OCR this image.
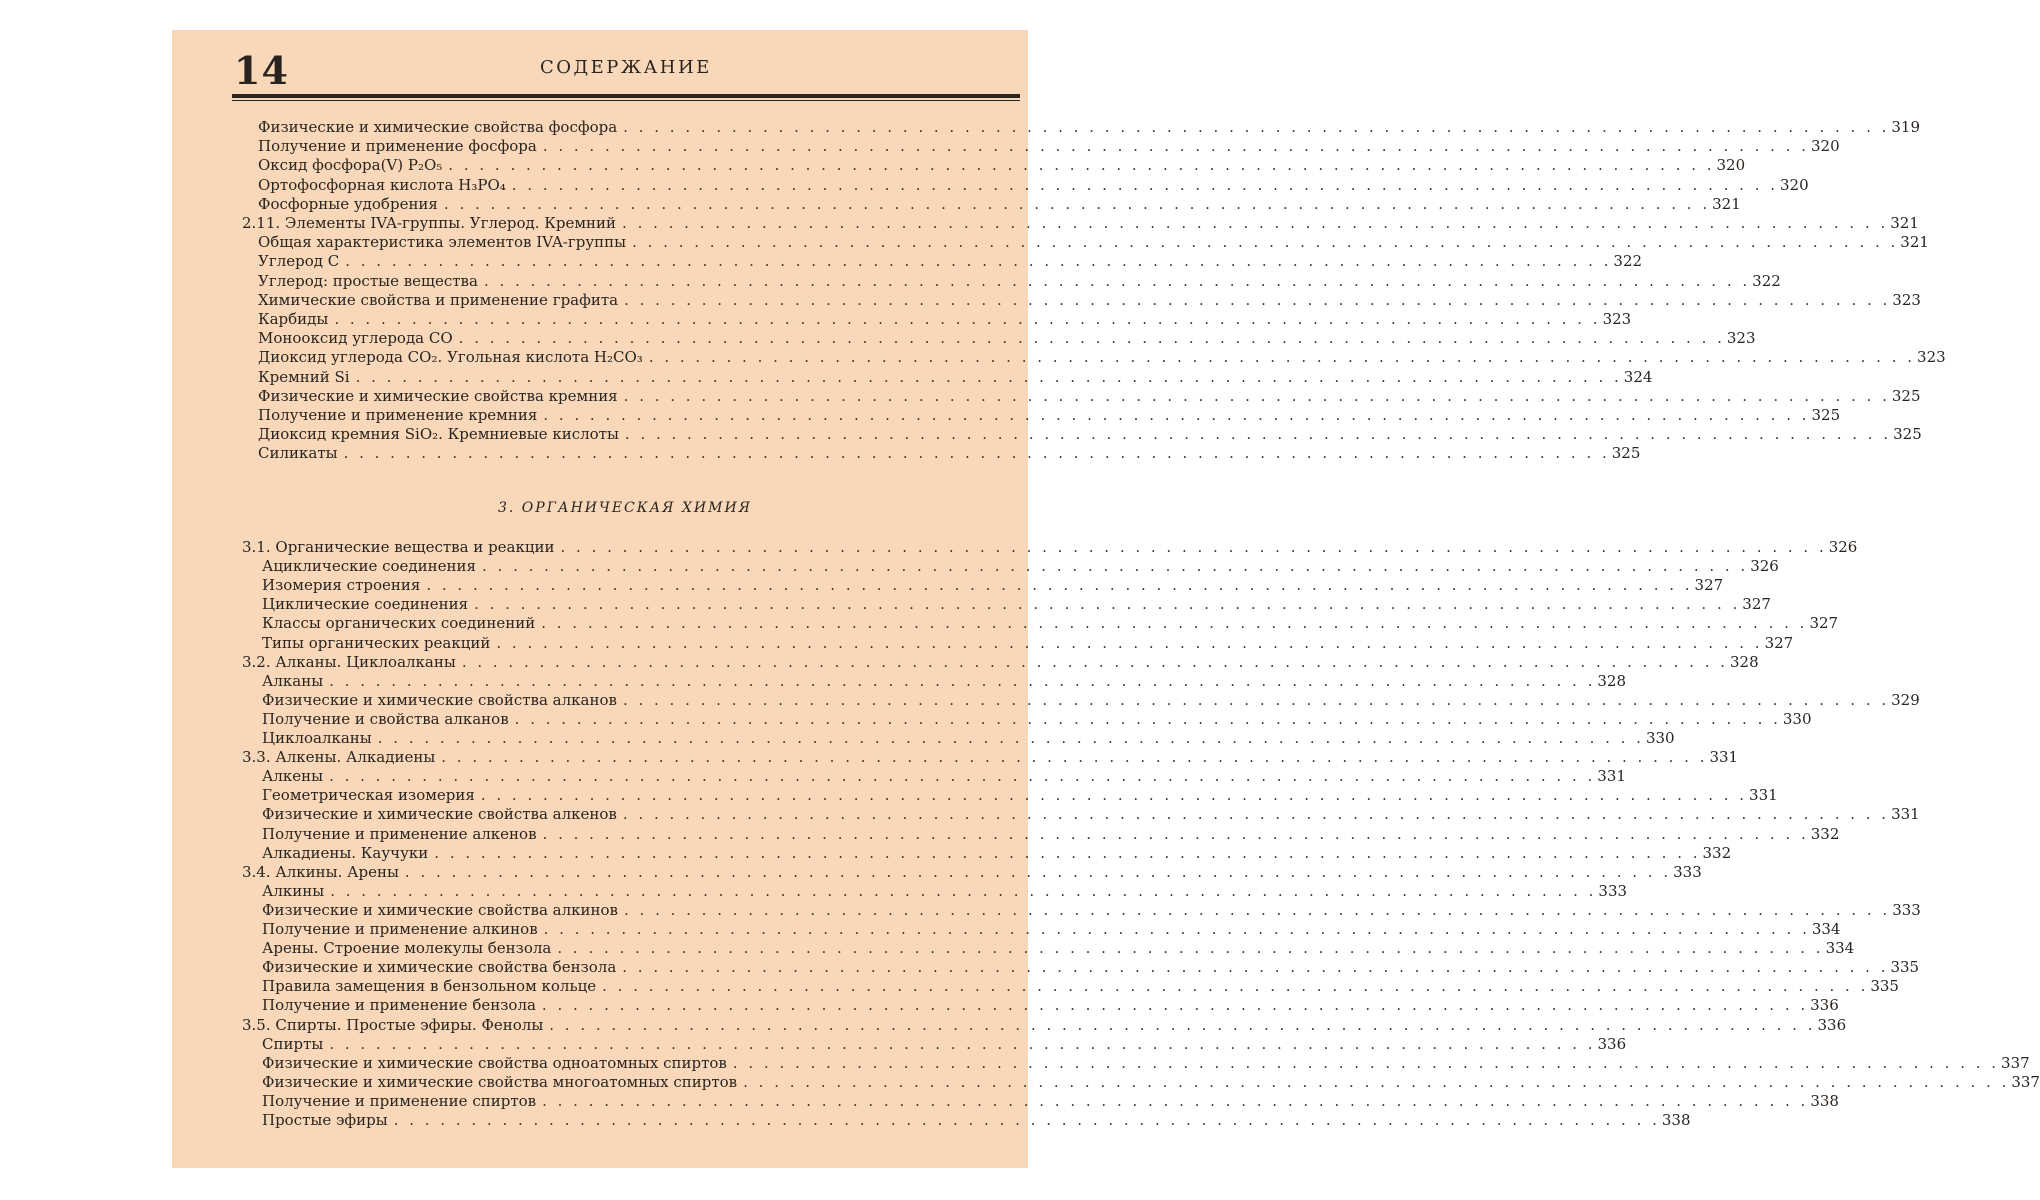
14	СОДЕРЖАНИЕ
3. ОРГАНИЧЕСКАЯ ХИМИЯ
Физические и химические свойства фосфора . . . . . . . . . . . . . . . . . . . . . . . . . . . . . . . . . . . . . . . . . . . . . . . . . . . . . . . . . . . . . . . . . . . . . . . . . . . . . . . . . . 319
Получение и применение фосфора . . . . . . . . . . . . . . . . . . . . . . . . . . . . . . . . . . . . . . . . . . . . . . . . . . . . . . . . . . . . . . . . . . . . . . . . . . . . . . . . . . 320
Оксид фосфора(V) P₂O₅ . . . . . . . . . . . . . . . . . . . . . . . . . . . . . . . . . . . . . . . . . . . . . . . . . . . . . . . . . . . . . . . . . . . . . . . . . . . . . . . . . . 320
Ортофосфорная кислота H₃PO₄ . . . . . . . . . . . . . . . . . . . . . . . . . . . . . . . . . . . . . . . . . . . . . . . . . . . . . . . . . . . . . . . . . . . . . . . . . . . . . . . . . . 320
Фосфорные удобрения . . . . . . . . . . . . . . . . . . . . . . . . . . . . . . . . . . . . . . . . . . . . . . . . . . . . . . . . . . . . . . . . . . . . . . . . . . . . . . . . . . 321
2.11. Элементы IVA-группы. Углерод. Кремний . . . . . . . . . . . . . . . . . . . . . . . . . . . . . . . . . . . . . . . . . . . . . . . . . . . . . . . . . . . . . . . . . . . . . . . . . . . . . . . . . . 321
Общая характеристика элементов IVA-группы . . . . . . . . . . . . . . . . . . . . . . . . . . . . . . . . . . . . . . . . . . . . . . . . . . . . . . . . . . . . . . . . . . . . . . . . . . . . . . . . . . 321
Углерод C . . . . . . . . . . . . . . . . . . . . . . . . . . . . . . . . . . . . . . . . . . . . . . . . . . . . . . . . . . . . . . . . . . . . . . . . . . . . . . . . . . 322
Углерод: простые вещества . . . . . . . . . . . . . . . . . . . . . . . . . . . . . . . . . . . . . . . . . . . . . . . . . . . . . . . . . . . . . . . . . . . . . . . . . . . . . . . . . . 322
Химические свойства и применение графита . . . . . . . . . . . . . . . . . . . . . . . . . . . . . . . . . . . . . . . . . . . . . . . . . . . . . . . . . . . . . . . . . . . . . . . . . . . . . . . . . . 323
Карбиды . . . . . . . . . . . . . . . . . . . . . . . . . . . . . . . . . . . . . . . . . . . . . . . . . . . . . . . . . . . . . . . . . . . . . . . . . . . . . . . . . . 323
Монооксид углерода CO . . . . . . . . . . . . . . . . . . . . . . . . . . . . . . . . . . . . . . . . . . . . . . . . . . . . . . . . . . . . . . . . . . . . . . . . . . . . . . . . . . 323
Диоксид углерода CO₂. Угольная кислота H₂CO₃ . . . . . . . . . . . . . . . . . . . . . . . . . . . . . . . . . . . . . . . . . . . . . . . . . . . . . . . . . . . . . . . . . . . . . . . . . . . . . . . . . . 323
Кремний Si . . . . . . . . . . . . . . . . . . . . . . . . . . . . . . . . . . . . . . . . . . . . . . . . . . . . . . . . . . . . . . . . . . . . . . . . . . . . . . . . . . 324
Физические и химические свойства кремния . . . . . . . . . . . . . . . . . . . . . . . . . . . . . . . . . . . . . . . . . . . . . . . . . . . . . . . . . . . . . . . . . . . . . . . . . . . . . . . . . . 325
Получение и применение кремния . . . . . . . . . . . . . . . . . . . . . . . . . . . . . . . . . . . . . . . . . . . . . . . . . . . . . . . . . . . . . . . . . . . . . . . . . . . . . . . . . . 325
Диоксид кремния SiO₂. Кремниевые кислоты . . . . . . . . . . . . . . . . . . . . . . . . . . . . . . . . . . . . . . . . . . . . . . . . . . . . . . . . . . . . . . . . . . . . . . . . . . . . . . . . . . 325
Силикаты . . . . . . . . . . . . . . . . . . . . . . . . . . . . . . . . . . . . . . . . . . . . . . . . . . . . . . . . . . . . . . . . . . . . . . . . . . . . . . . . . . 325
3.1. Органические вещества и реакции . . . . . . . . . . . . . . . . . . . . . . . . . . . . . . . . . . . . . . . . . . . . . . . . . . . . . . . . . . . . . . . . . . . . . . . . . . . . . . . . . . 326
Ациклические соединения . . . . . . . . . . . . . . . . . . . . . . . . . . . . . . . . . . . . . . . . . . . . . . . . . . . . . . . . . . . . . . . . . . . . . . . . . . . . . . . . . . 326
Изомерия строения . . . . . . . . . . . . . . . . . . . . . . . . . . . . . . . . . . . . . . . . . . . . . . . . . . . . . . . . . . . . . . . . . . . . . . . . . . . . . . . . . . 327
Циклические соединения . . . . . . . . . . . . . . . . . . . . . . . . . . . . . . . . . . . . . . . . . . . . . . . . . . . . . . . . . . . . . . . . . . . . . . . . . . . . . . . . . . 327
Классы органических соединений . . . . . . . . . . . . . . . . . . . . . . . . . . . . . . . . . . . . . . . . . . . . . . . . . . . . . . . . . . . . . . . . . . . . . . . . . . . . . . . . . . 327
Типы органических реакций . . . . . . . . . . . . . . . . . . . . . . . . . . . . . . . . . . . . . . . . . . . . . . . . . . . . . . . . . . . . . . . . . . . . . . . . . . . . . . . . . . 327
3.2. Алканы. Циклоалканы . . . . . . . . . . . . . . . . . . . . . . . . . . . . . . . . . . . . . . . . . . . . . . . . . . . . . . . . . . . . . . . . . . . . . . . . . . . . . . . . . . 328
Алканы . . . . . . . . . . . . . . . . . . . . . . . . . . . . . . . . . . . . . . . . . . . . . . . . . . . . . . . . . . . . . . . . . . . . . . . . . . . . . . . . . . 328
Физические и химические свойства алканов . . . . . . . . . . . . . . . . . . . . . . . . . . . . . . . . . . . . . . . . . . . . . . . . . . . . . . . . . . . . . . . . . . . . . . . . . . . . . . . . . . 329
Получение и свойства алканов . . . . . . . . . . . . . . . . . . . . . . . . . . . . . . . . . . . . . . . . . . . . . . . . . . . . . . . . . . . . . . . . . . . . . . . . . . . . . . . . . . 330
Циклоалканы . . . . . . . . . . . . . . . . . . . . . . . . . . . . . . . . . . . . . . . . . . . . . . . . . . . . . . . . . . . . . . . . . . . . . . . . . . . . . . . . . . 330
3.3. Алкены. Алкадиены . . . . . . . . . . . . . . . . . . . . . . . . . . . . . . . . . . . . . . . . . . . . . . . . . . . . . . . . . . . . . . . . . . . . . . . . . . . . . . . . . . 331
Алкены . . . . . . . . . . . . . . . . . . . . . . . . . . . . . . . . . . . . . . . . . . . . . . . . . . . . . . . . . . . . . . . . . . . . . . . . . . . . . . . . . . 331
Геометрическая изомерия . . . . . . . . . . . . . . . . . . . . . . . . . . . . . . . . . . . . . . . . . . . . . . . . . . . . . . . . . . . . . . . . . . . . . . . . . . . . . . . . . . 331
Физические и химические свойства алкенов . . . . . . . . . . . . . . . . . . . . . . . . . . . . . . . . . . . . . . . . . . . . . . . . . . . . . . . . . . . . . . . . . . . . . . . . . . . . . . . . . . 331
Получение и применение алкенов . . . . . . . . . . . . . . . . . . . . . . . . . . . . . . . . . . . . . . . . . . . . . . . . . . . . . . . . . . . . . . . . . . . . . . . . . . . . . . . . . . 332
Алкадиены. Каучуки . . . . . . . . . . . . . . . . . . . . . . . . . . . . . . . . . . . . . . . . . . . . . . . . . . . . . . . . . . . . . . . . . . . . . . . . . . . . . . . . . . 332
3.4. Алкины. Арены . . . . . . . . . . . . . . . . . . . . . . . . . . . . . . . . . . . . . . . . . . . . . . . . . . . . . . . . . . . . . . . . . . . . . . . . . . . . . . . . . . 333
Алкины . . . . . . . . . . . . . . . . . . . . . . . . . . . . . . . . . . . . . . . . . . . . . . . . . . . . . . . . . . . . . . . . . . . . . . . . . . . . . . . . . . 333
Физические и химические свойства алкинов . . . . . . . . . . . . . . . . . . . . . . . . . . . . . . . . . . . . . . . . . . . . . . . . . . . . . . . . . . . . . . . . . . . . . . . . . . . . . . . . . . 333
Получение и применение алкинов . . . . . . . . . . . . . . . . . . . . . . . . . . . . . . . . . . . . . . . . . . . . . . . . . . . . . . . . . . . . . . . . . . . . . . . . . . . . . . . . . . 334
Арены. Строение молекулы бензола . . . . . . . . . . . . . . . . . . . . . . . . . . . . . . . . . . . . . . . . . . . . . . . . . . . . . . . . . . . . . . . . . . . . . . . . . . . . . . . . . . 334
Физические и химические свойства бензола . . . . . . . . . . . . . . . . . . . . . . . . . . . . . . . . . . . . . . . . . . . . . . . . . . . . . . . . . . . . . . . . . . . . . . . . . . . . . . . . . . 335
Правила замещения в бензольном кольце . . . . . . . . . . . . . . . . . . . . . . . . . . . . . . . . . . . . . . . . . . . . . . . . . . . . . . . . . . . . . . . . . . . . . . . . . . . . . . . . . . 335
Получение и применение бензола . . . . . . . . . . . . . . . . . . . . . . . . . . . . . . . . . . . . . . . . . . . . . . . . . . . . . . . . . . . . . . . . . . . . . . . . . . . . . . . . . . 336
3.5. Спирты. Простые эфиры. Фенолы . . . . . . . . . . . . . . . . . . . . . . . . . . . . . . . . . . . . . . . . . . . . . . . . . . . . . . . . . . . . . . . . . . . . . . . . . . . . . . . . . . 336
Спирты . . . . . . . . . . . . . . . . . . . . . . . . . . . . . . . . . . . . . . . . . . . . . . . . . . . . . . . . . . . . . . . . . . . . . . . . . . . . . . . . . . 336
Физические и химические свойства одноатомных спиртов . . . . . . . . . . . . . . . . . . . . . . . . . . . . . . . . . . . . . . . . . . . . . . . . . . . . . . . . . . . . . . . . . . . . . . . . . . . . . . . . . . 337
Физические и химические свойства многоатомных спиртов . . . . . . . . . . . . . . . . . . . . . . . . . . . . . . . . . . . . . . . . . . . . . . . . . . . . . . . . . . . . . . . . . . . . . . . . . . . . . . . . . . 337
Получение и применение спиртов . . . . . . . . . . . . . . . . . . . . . . . . . . . . . . . . . . . . . . . . . . . . . . . . . . . . . . . . . . . . . . . . . . . . . . . . . . . . . . . . . . 338
Простые эфиры . . . . . . . . . . . . . . . . . . . . . . . . . . . . . . . . . . . . . . . . . . . . . . . . . . . . . . . . . . . . . . . . . . . . . . . . . . . . . . . . . . 338
